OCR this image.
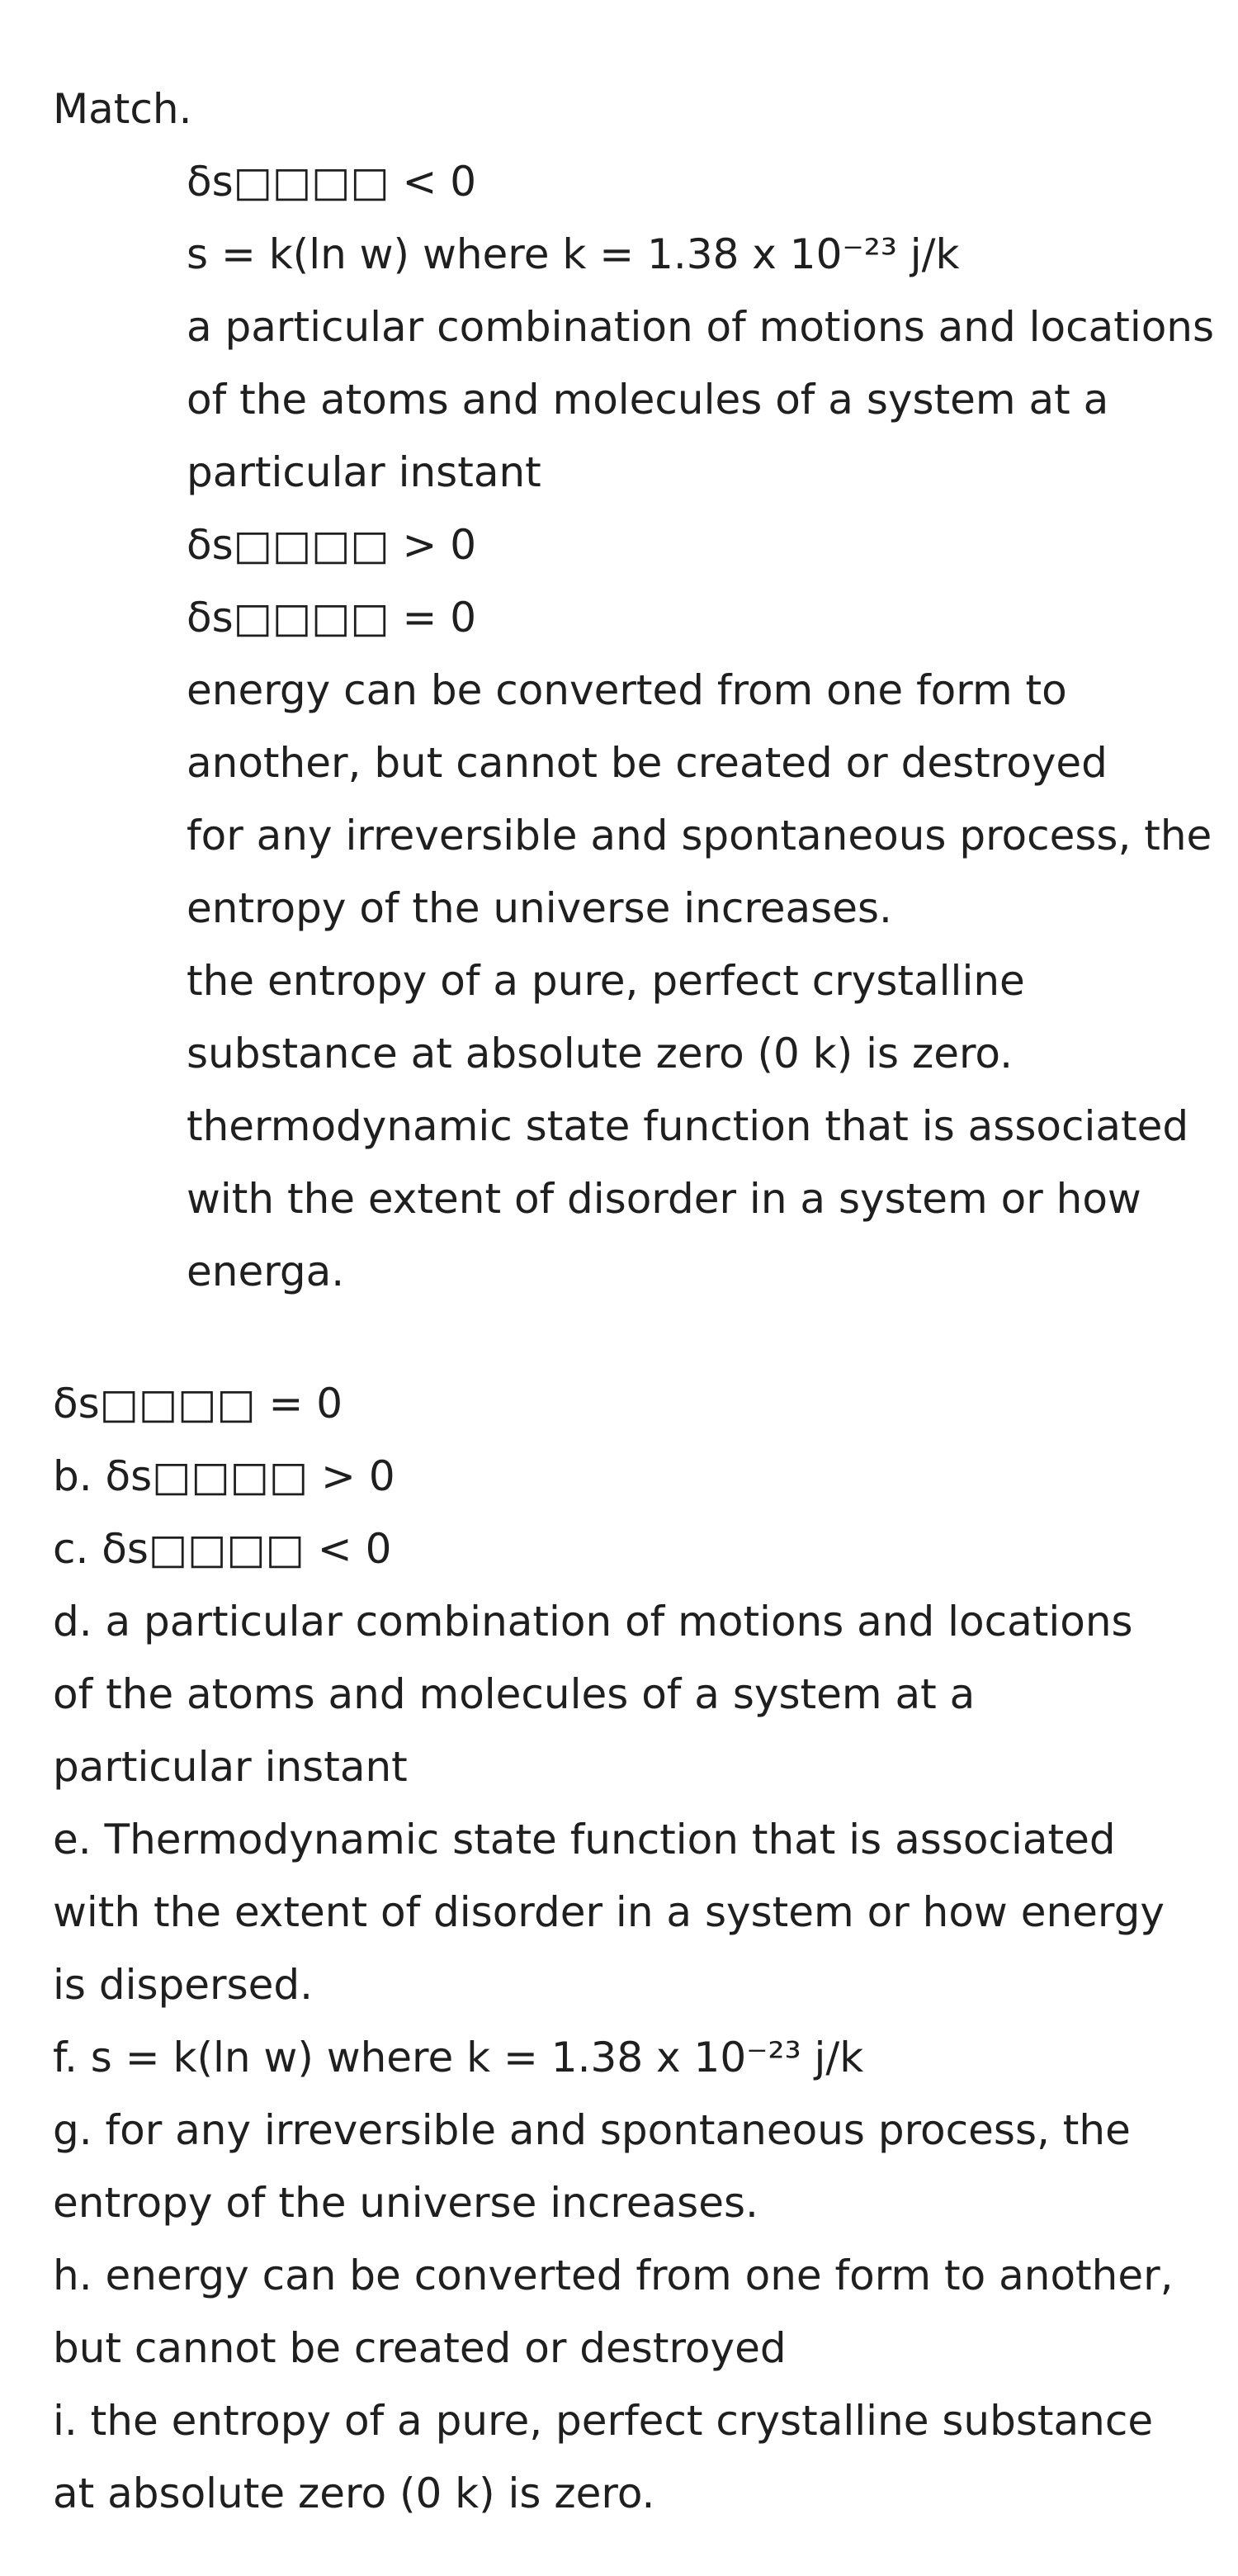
Match.

δs□□□□ < 0
s = k(ln w) where k = 1.38 x 10⁻²³ j/k
a particular combination of motions and locations of the atoms and molecules of a system at a particular instant
δs□□□□ > 0
δs□□□□ = 0
energy can be converted from one form to another, but cannot be created or destroyed
for any irreversible and spontaneous process, the entropy of the universe increases.
the entropy of a pure, perfect crystalline substance at absolute zero (0 k) is zero.
thermodynamic state function that is associated with the extent of disorder in a system or how energa.
δs□□□□ = 0
b. δs□□□□ > 0
c. δs□□□□ < 0
d. a particular combination of motions and locations of the atoms and molecules of a system at a particular instant
e. Thermodynamic state function that is associated with the extent of disorder in a system or how energy is dispersed.
f. s = k(ln w) where k = 1.38 x 10⁻²³ j/k
g. for any irreversible and spontaneous process, the entropy of the universe increases.
h. energy can be converted from one form to another, but cannot be created or destroyed
i. the entropy of a pure, perfect crystalline substance at absolute zero (0 k) is zero.
